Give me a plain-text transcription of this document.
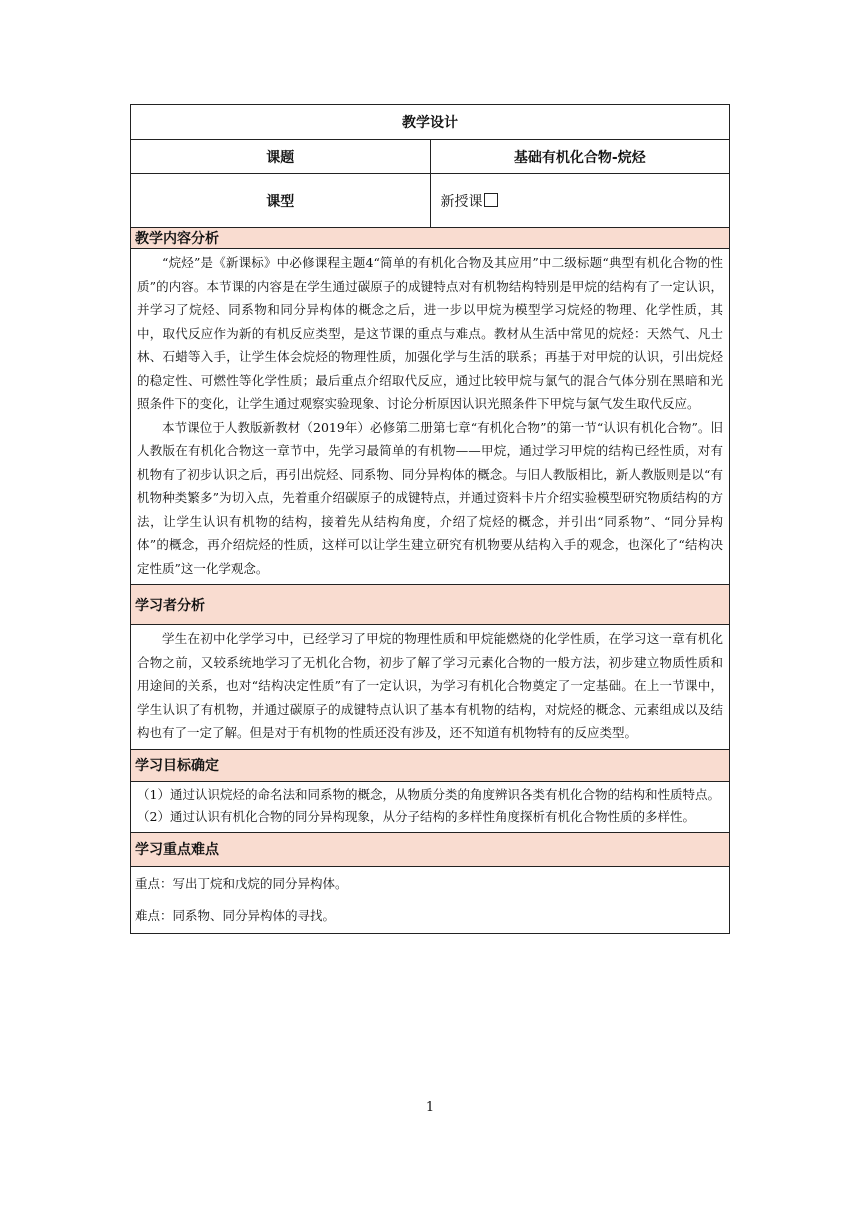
教学设计	
课题	基础有机化合物-烷烃
课型	新授课
教学内容分析	

“烷烃”是《新课标》中必修课程主题4“简单的有机化合物及其应用”中二级标题“典型有机化合物的性质”的内容。本节课的内容是在学生通过碳原子的成键特点对有机物结构特别是甲烷的结构有了一定认识，并学习了烷烃、同系物和同分异构体的概念之后，进一步以甲烷为模型学习烷烃的物理、化学性质，其中，取代反应作为新的有机反应类型，是这节课的重点与难点。教材从生活中常见的烷烃：天然气、凡士林、石蜡等入手，让学生体会烷烃的物理性质，加强化学与生活的联系；再基于对甲烷的认识，引出烷烃的稳定性、可燃性等化学性质；最后重点介绍取代反应，通过比较甲烷与氯气的混合气体分别在黑暗和光照条件下的变化，让学生通过观察实验现象、讨论分析原因认识光照条件下甲烷与氯气发生取代反应。

本节课位于人教版新教材（2019年）必修第二册第七章“有机化合物”的第一节“认识有机化合物”。旧人教版在有机化合物这一章节中，先学习最简单的有机物——甲烷，通过学习甲烷的结构已经性质，对有机物有了初步认识之后，再引出烷烃、同系物、同分异构体的概念。与旧人教版相比，新人教版则是以“有机物种类繁多”为切入点，先着重介绍碳原子的成键特点，并通过资料卡片介绍实验模型研究物质结构的方法，让学生认识有机物的结构，接着先从结构角度，介绍了烷烃的概念，并引出“同系物”、“同分异构体”的概念，再介绍烷烃的性质，这样可以让学生建立研究有机物要从结构入手的观念，也深化了“结构决定性质”这一化学观念。	

学习者分析	

学生在初中化学学习中，已经学习了甲烷的物理性质和甲烷能燃烧的化学性质，在学习这一章有机化合物之前，又较系统地学习了无机化合物，初步了解了学习元素化合物的一般方法，初步建立物质性质和用途间的关系，也对“结构决定性质”有了一定认识，为学习有机化合物奠定了一定基础。在上一节课中，学生认识了有机物，并通过碳原子的成键特点认识了基本有机物的结构，对烷烃的概念、元素组成以及结构也有了一定了解。但是对于有机物的性质还没有涉及，还不知道有机物特有的反应类型。	

学习目标确定	

（1）通过认识烷烃的命名法和同系物的概念，从物质分类的角度辨识各类有机化合物的结构和性质特点。

（2）通过认识有机化合物的同分异构现象，从分子结构的多样性角度探析有机化合物性质的多样性。	

学习重点难点	

重点：写出丁烷和戊烷的同分异构体。

难点：同系物、同分异构体的寻找。	

1
